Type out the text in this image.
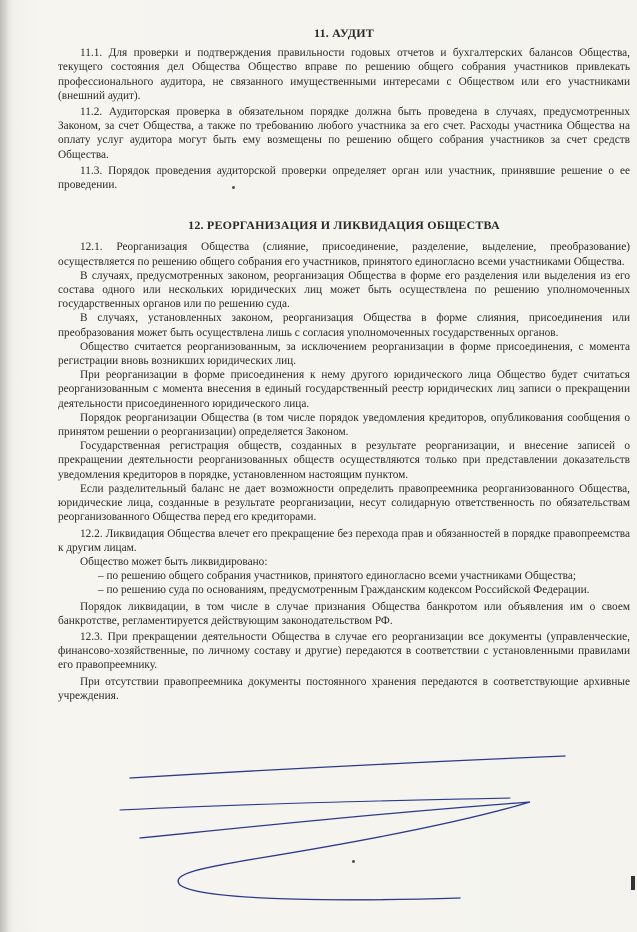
11. АУДИТ

11.1. Для проверки и подтверждения правильности годовых отчетов и бухгалтерских балансов Общества, текущего состояния дел Общества Общество вправе по решению общего собрания участников привлекать профессионального аудитора, не связанного имущественными интересами с Обществом или его участниками (внешний аудит).

11.2. Аудиторская проверка в обязательном порядке должна быть проведена в случаях, предусмотренных Законом, за счет Общества, а также по требованию любого участника за его счет. Расходы участника Общества на оплату услуг аудитора могут быть ему возмещены по решению общего собрания участников за счет средств Общества.

11.3. Порядок проведения аудиторской проверки определяет орган или участник, принявшие решение о ее проведении.

12. РЕОРГАНИЗАЦИЯ И ЛИКВИДАЦИЯ ОБЩЕСТВА

12.1. Реорганизация Общества (слияние, присоединение, разделение, выделение, преобразование) осуществляется по решению общего собрания его участников, принятого единогласно всеми участниками Общества.

В случаях, предусмотренных законом, реорганизация Общества в форме его разделения или выделения из его состава одного или нескольких юридических лиц может быть осуществлена по решению уполномоченных государственных органов или по решению суда.

В случаях, установленных законом, реорганизация Общества в форме слияния, присоединения или преобразования может быть осуществлена лишь с согласия уполномоченных государственных органов.

Общество считается реорганизованным, за исключением реорганизации в форме присоединения, с момента регистрации вновь возникших юридических лиц.

При реорганизации в форме присоединения к нему другого юридического лица Общество будет считаться реорганизованным с момента внесения в единый государственный реестр юридических лиц записи о прекращении деятельности присоединенного юридического лица.

Порядок реорганизации Общества (в том числе порядок уведомления кредиторов, опубликования сообщения о принятом решении о реорганизации) определяется Законом.

Государственная регистрация обществ, созданных в результате реорганизации, и внесение записей о прекращении деятельности реорганизованных обществ осуществляются только при представлении доказательств уведомления кредиторов в порядке, установленном настоящим пунктом.

Если разделительный баланс не дает возможности определить правопреемника реорганизованного Общества, юридические лица, созданные в результате реорганизации, несут солидарную ответственность по обязательствам реорганизованного Общества перед его кредиторами.

12.2. Ликвидация Общества влечет его прекращение без перехода прав и обязанностей в порядке правопреемства к другим лицам.

Общество может быть ликвидировано:

– по решению общего собрания участников, принятого единогласно всеми участниками Общества;

– по решению суда по основаниям, предусмотренным Гражданским кодексом Российской Федерации.

Порядок ликвидации, в том числе в случае признания Общества банкротом или объявления им о своем банкротстве, регламентируется действующим законодательством РФ.

12.3. При прекращении деятельности Общества в случае его реорганизации все документы (управленческие, финансово-хозяйственные, по личному составу и другие) передаются в соответствии с установленными правилами его правопреемнику.

При отсутствии правопреемника документы постоянного хранения передаются в соответствующие архивные учреждения.
